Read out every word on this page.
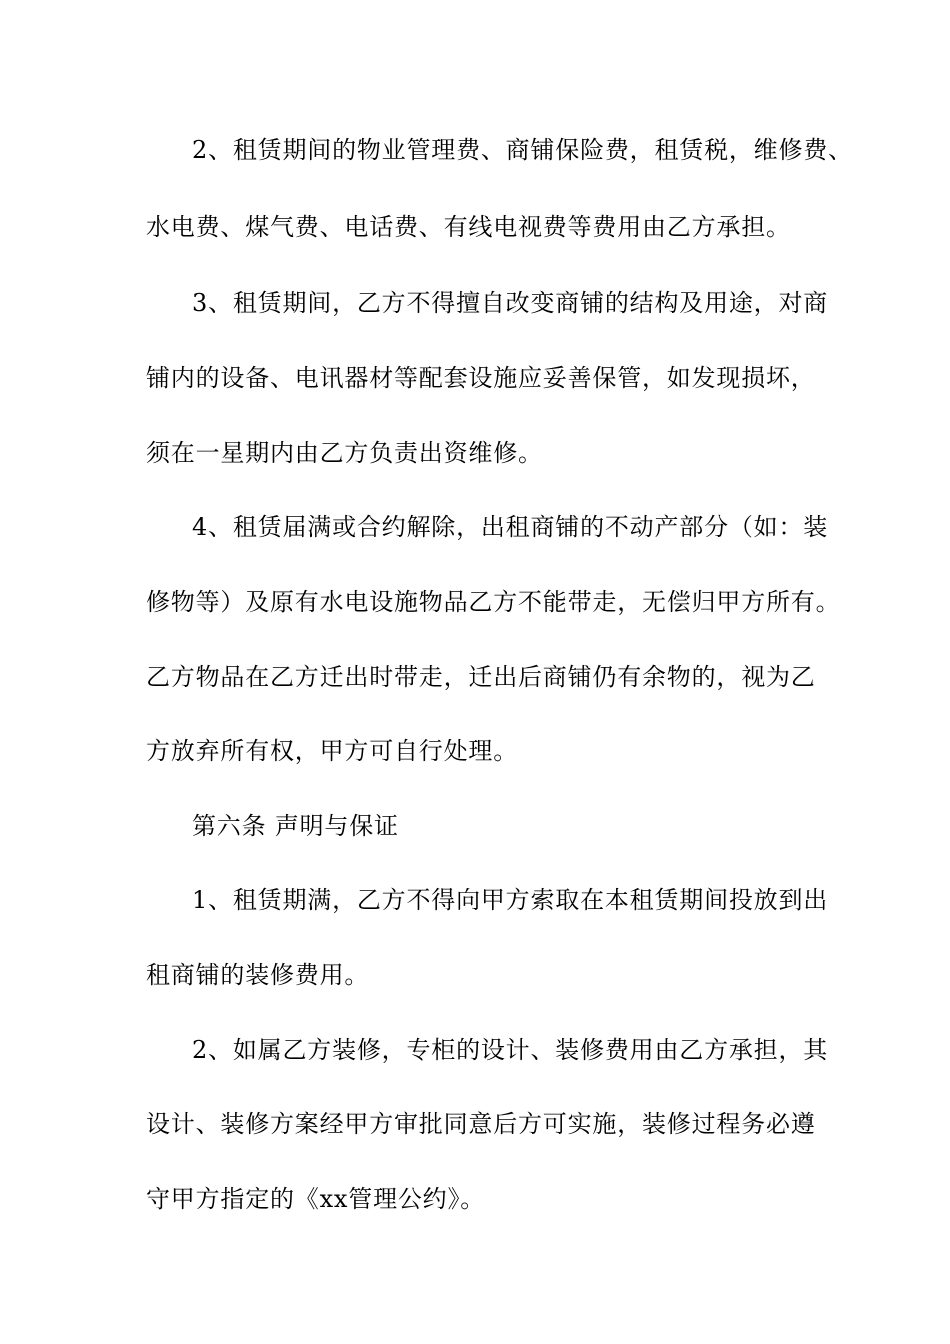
2、租赁期间的物业管理费、商铺保险费，租赁税，维修费、
水电费、煤气费、电话费、有线电视费等费用由乙方承担。
3、租赁期间，乙方不得擅自改变商铺的结构及用途，对商
铺内的设备、电讯器材等配套设施应妥善保管，如发现损坏，
须在一星期内由乙方负责出资维修。
4、租赁届满或合约解除，出租商铺的不动产部分（如：装
修物等）及原有水电设施物品乙方不能带走，无偿归甲方所有。
乙方物品在乙方迁出时带走，迁出后商铺仍有余物的，视为乙
方放弃所有权，甲方可自行处理。
第六条 声明与保证
1、租赁期满，乙方不得向甲方索取在本租赁期间投放到出
租商铺的装修费用。
2、如属乙方装修，专柜的设计、装修费用由乙方承担，其
设计、装修方案经甲方审批同意后方可实施，装修过程务必遵
守甲方指定的《xx管理公约》。
